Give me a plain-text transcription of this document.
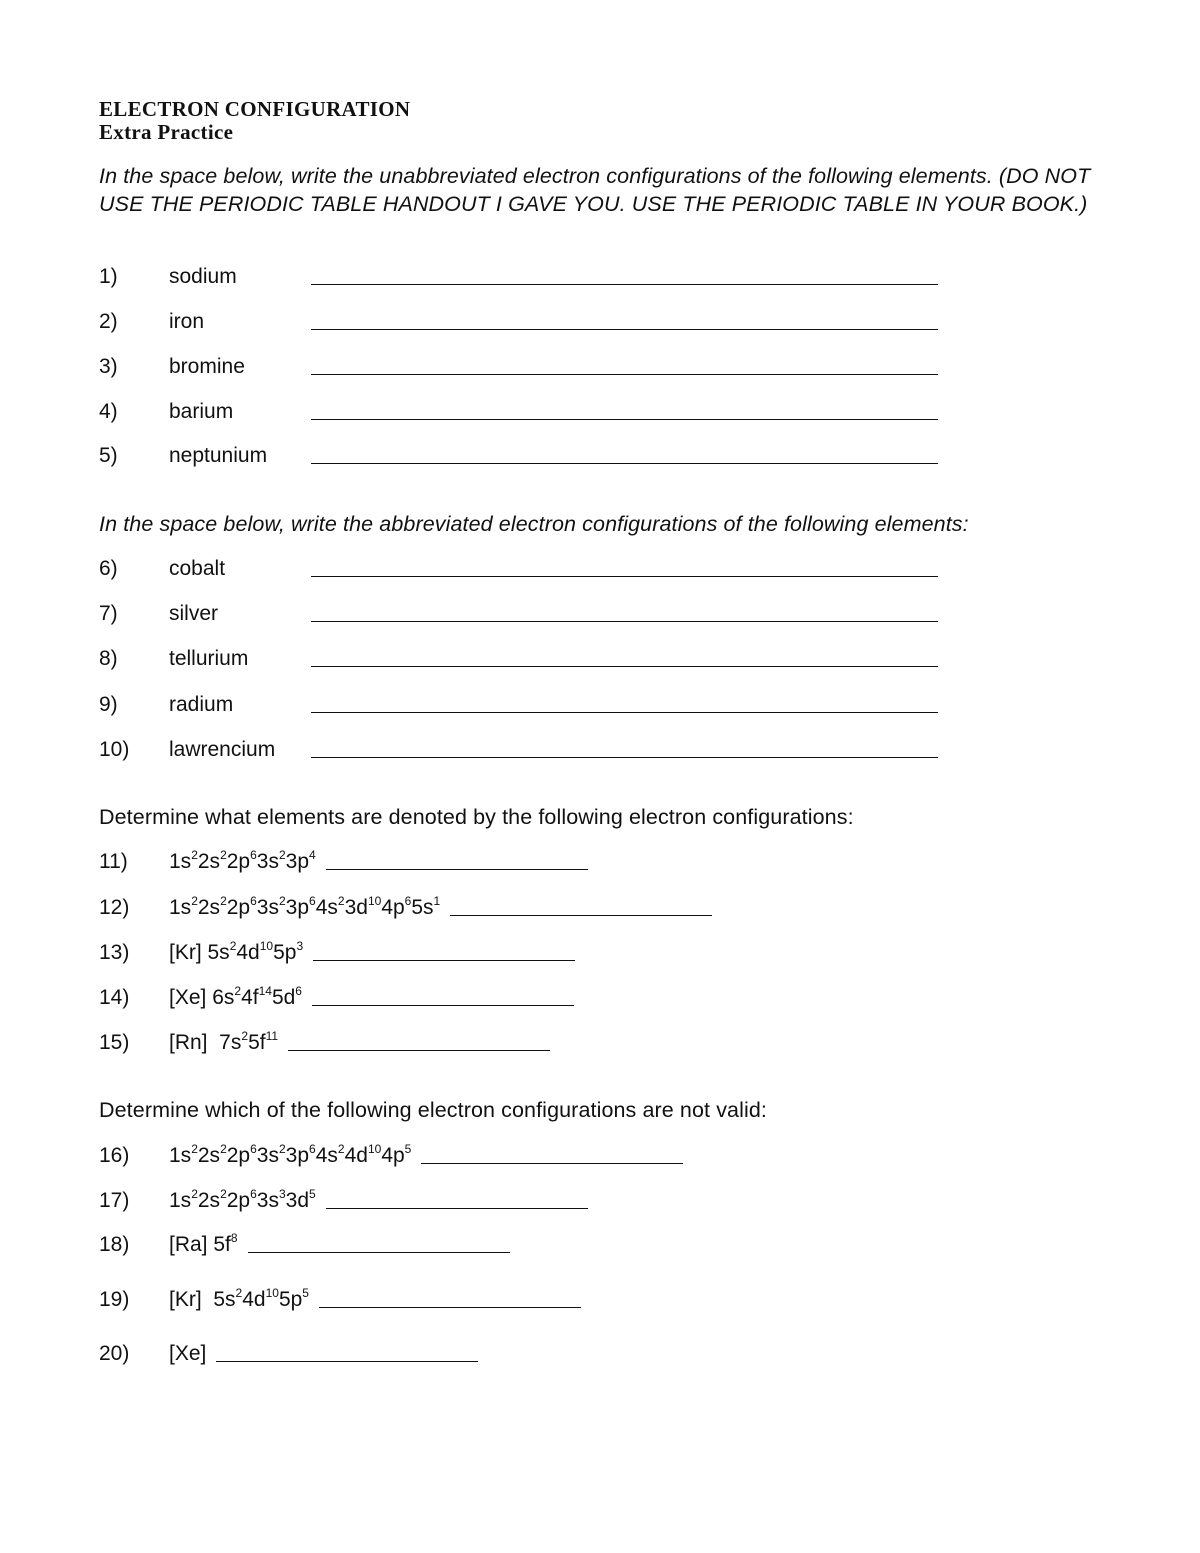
ELECTRON CONFIGURATION
Extra Practice

In the space below, write the unabbreviated electron configurations of the following elements. (DO NOT USE THE PERIODIC TABLE HANDOUT I GAVE YOU. USE THE PERIODIC TABLE IN YOUR BOOK.)

1) sodium
2) iron
3) bromine
4) barium
5) neptunium

In the space below, write the abbreviated electron configurations of the following elements:

6) cobalt
7) silver
8) tellurium
9) radium
10) lawrencium

Determine what elements are denoted by the following electron configurations:

11) $1s^22s^22p^63s^23p^4$
12) $1s^22s^22p^63s^23p^64s^23d^{10}4p^65s^1$
13) [Kr] $5s^24d^{10}5p^3$
14) [Xe] $6s^24f^{14}5d^6$
15) [Rn]  $7s^25f^{11}$

Determine which of the following electron configurations are not valid:

16) $1s^22s^22p^63s^23p^64s^24d^{10}4p^5$
17) $1s^22s^22p^63s^33d^5$
18) [Ra] $5f^8$
19) [Kr]  $5s^24d^{10}5p^5$
20) [Xe]
